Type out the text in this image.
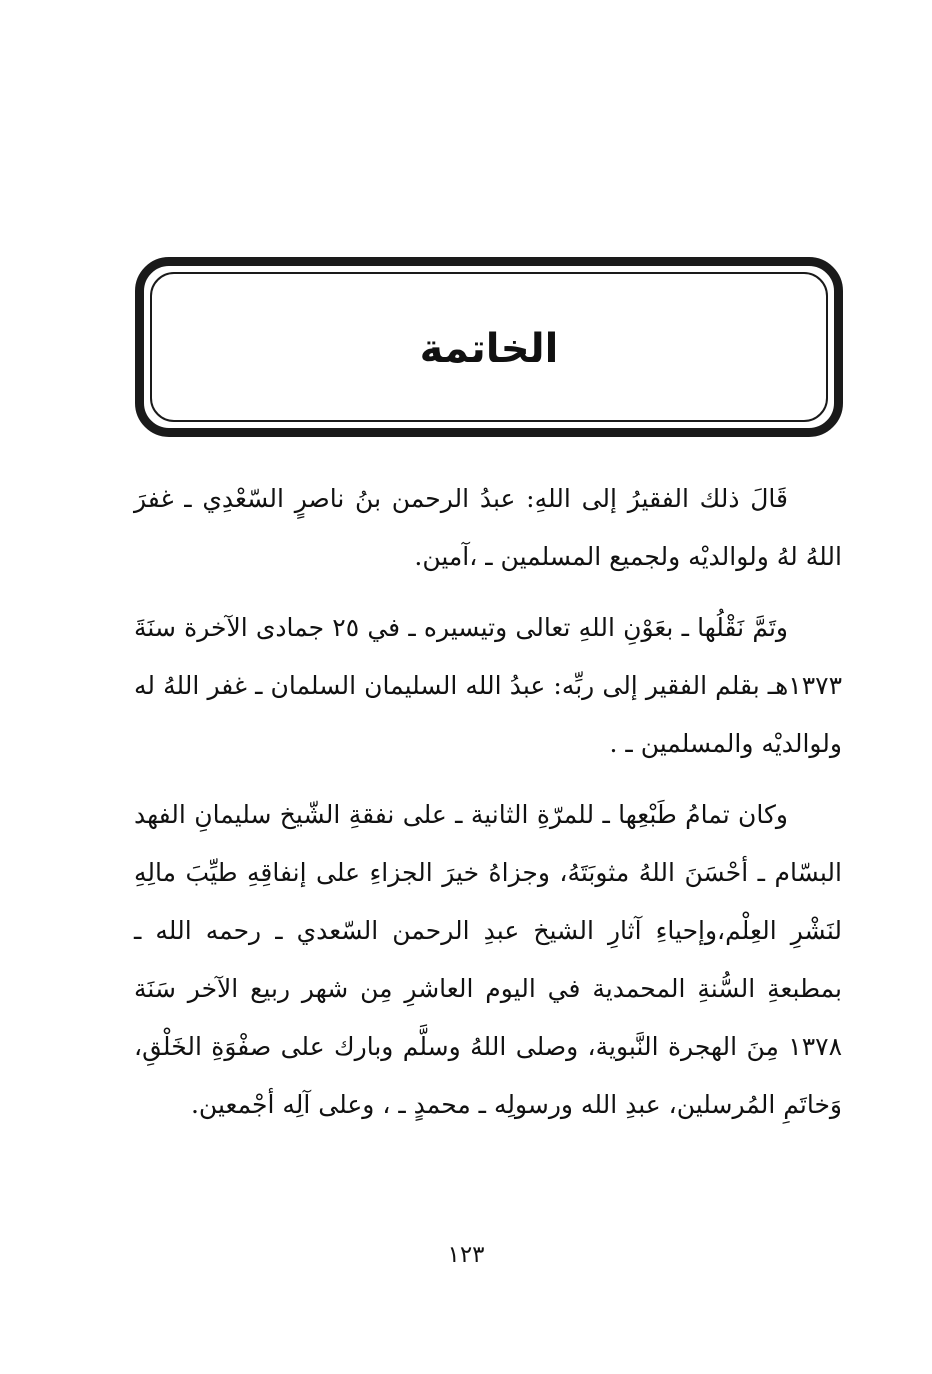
الخاتمة

قَالَ ذلك الفقيرُ إلى اللهِ: عبدُ الرحمن بنُ ناصرٍ السّعْدِي ـ غفرَ اللهُ لهُ ولوالديْه ولجميع المسلمين ـ ،آمين.

وتَمَّ نَقْلُها ـ بعَوْنِ اللهِ تعالى وتيسيره ـ في ٢٥ جمادى الآخرة سنَةَ ١٣٧٣هـ بقلم الفقير إلى ربِّه: عبدُ الله السليمان السلمان ـ غفر اللهُ له ولوالديْه والمسلمين ـ .

وكان تمامُ طَبْعِها ـ للمرّةِ الثانية ـ على نفقةِ الشّيخ سليمانِ الفهد البسّام ـ أحْسَنَ اللهُ مثوبَتَهُ، وجزاهُ خيرَ الجزاءِ على إنفاقِهِ طيِّبَ مالِهِ لنَشْرِ العِلْم،وإحياءِ آثارِ الشيخ عبدِ الرحمن السّعدي ـ رحمه الله ـ بمطبعةِ السُّنةِ المحمدية في اليوم العاشرِ مِن شهر ربيع الآخر سَنَة ١٣٧٨ مِنَ الهجرة النَّبوية، وصلى اللهُ وسلَّم وبارك على صفْوَةِ الخَلْقِ، وَخاتَمِ المُرسلين، عبدِ الله ورسولِه ـ محمدٍ ـ ، وعلى آلِه أجْمعين.

١٢٣
